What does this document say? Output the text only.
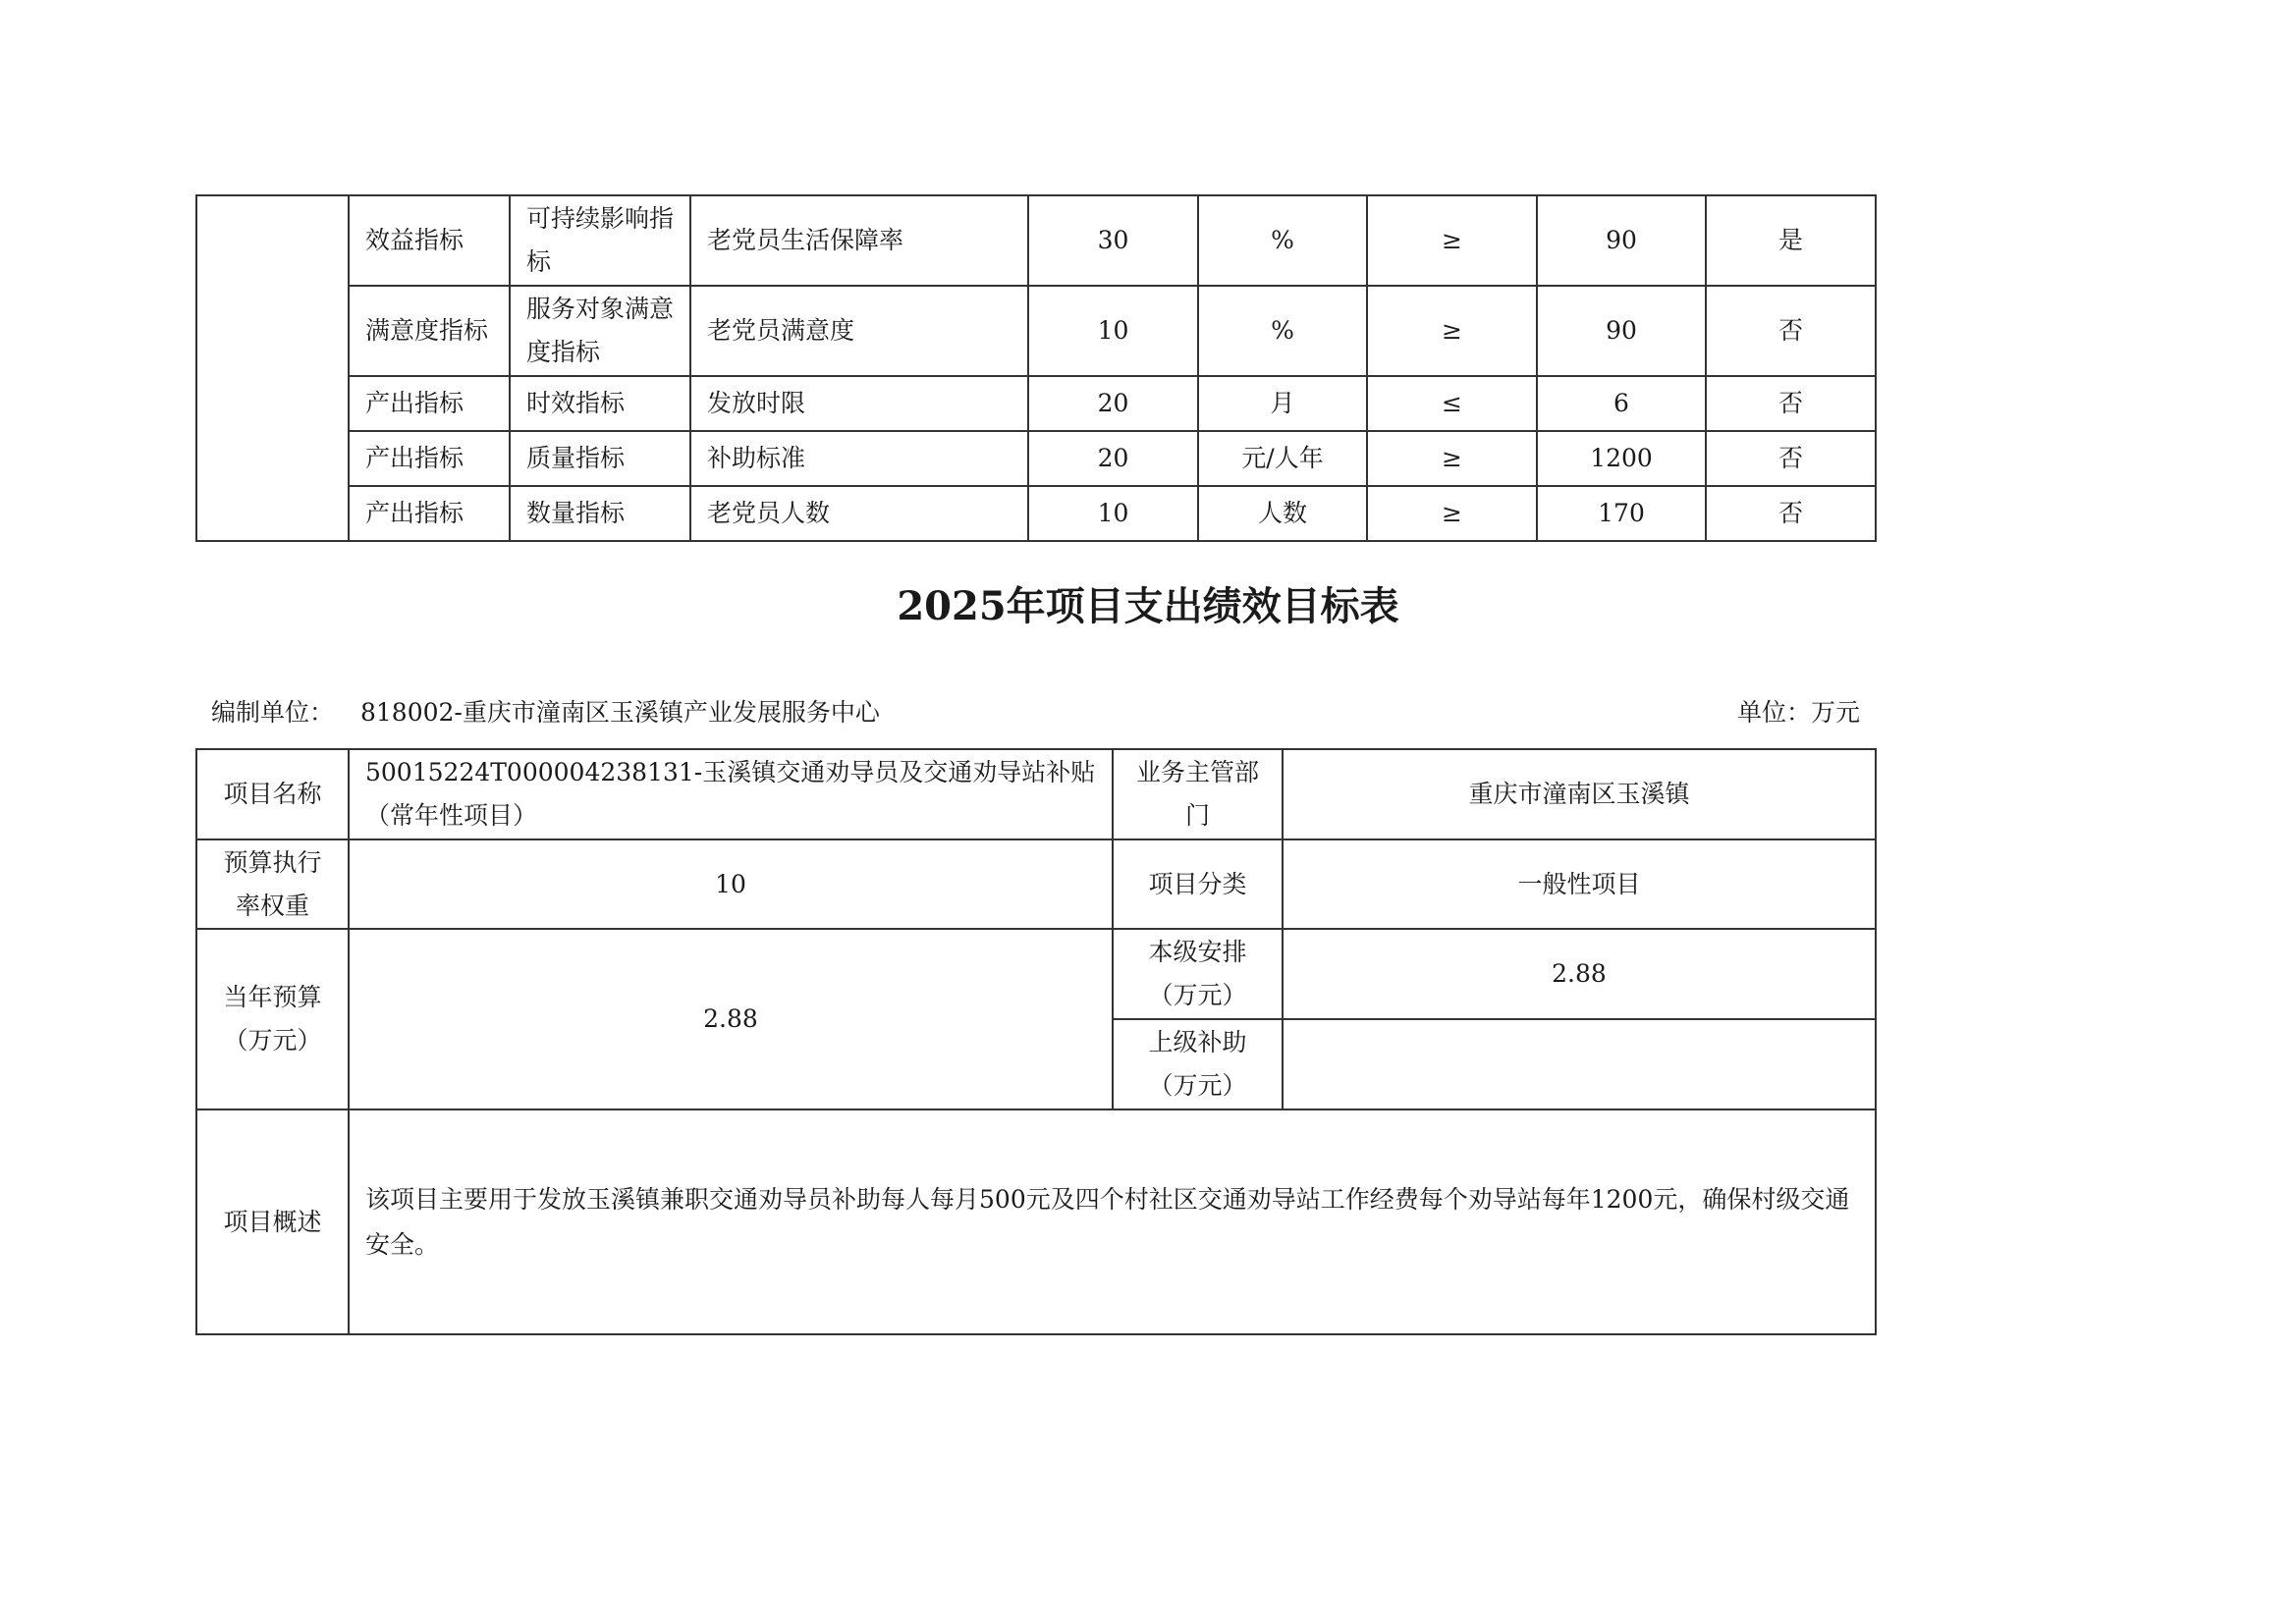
	效益指标	可持续影响指标	老党员生活保障率	30	%	≥	90	是
	满意度指标	服务对象满意度指标	老党员满意度	10	%	≥	90	否
	产出指标	时效指标	发放时限	20	月	≤	6	否
	产出指标	质量指标	补助标准	20	元/人年	≥	1200	否
	产出指标	数量指标	老党员人数	10	人数	≥	170	否
2025年项目支出绩效目标表
编制单位： 818002-重庆市潼南区玉溪镇产业发展服务中心	单位：万元
项目名称	50015224T000004238131-玉溪镇交通劝导员及交通劝导站补贴（常年性项目）	业务主管部门	重庆市潼南区玉溪镇
预算执行率权重	10	项目分类	一般性项目
当年预算（万元）	2.88	本级安排（万元）	2.88
		上级补助（万元）	
项目概述	该项目主要用于发放玉溪镇兼职交通劝导员补助每人每月500元及四个村社区交通劝导站工作经费每个劝导站每年1200元，确保村级交通安全。		
